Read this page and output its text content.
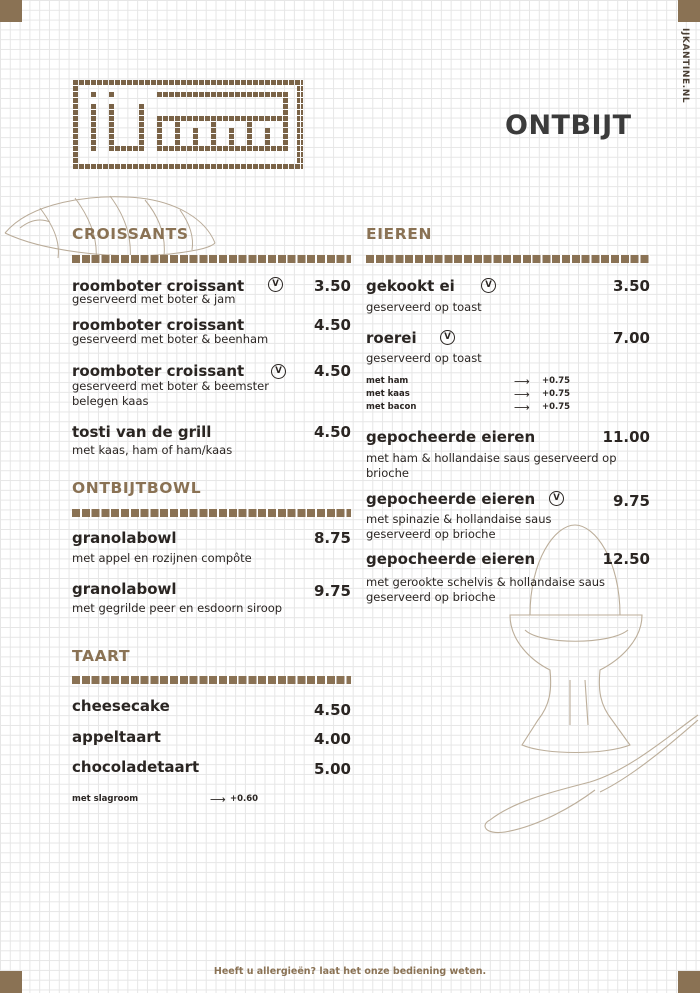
IJKANTINE.NL
ONTBIJT
CROISSANTS
roomboter croissant	V	3.50
geserveerd met boter & jam
roomboter croissant	4.50
geserveerd met boter & beenham
roomboter croissant	V	4.50
geserveerd met boter & beemster belegen kaas
tosti van de grill	4.50
met kaas, ham of ham/kaas
ONTBIJTBOWL
granolabowl	8.75
met appel en rozijnen compôte
granolabowl	9.75
met gegrilde peer en esdoorn siroop
TAART
cheesecake	4.50
appeltaart	4.00
chocoladetaart	5.00
met slagroom	⟶ +0.60
EIEREN
gekookt ei	V	3.50
geserveerd op toast
roerei	V	7.00
geserveerd op toast
met ham	⟶ +0.75
met kaas	⟶ +0.75
met bacon	⟶ +0.75
gepocheerde eieren	11.00
met ham & hollandaise saus geserveerd op brioche
gepocheerde eieren	V	9.75
met spinazie & hollandaise saus geserveerd op brioche
gepocheerde eieren	12.50
met gerookte schelvis & hollandaise saus geserveerd op brioche
Heeft u allergieën? laat het onze bediening weten.
